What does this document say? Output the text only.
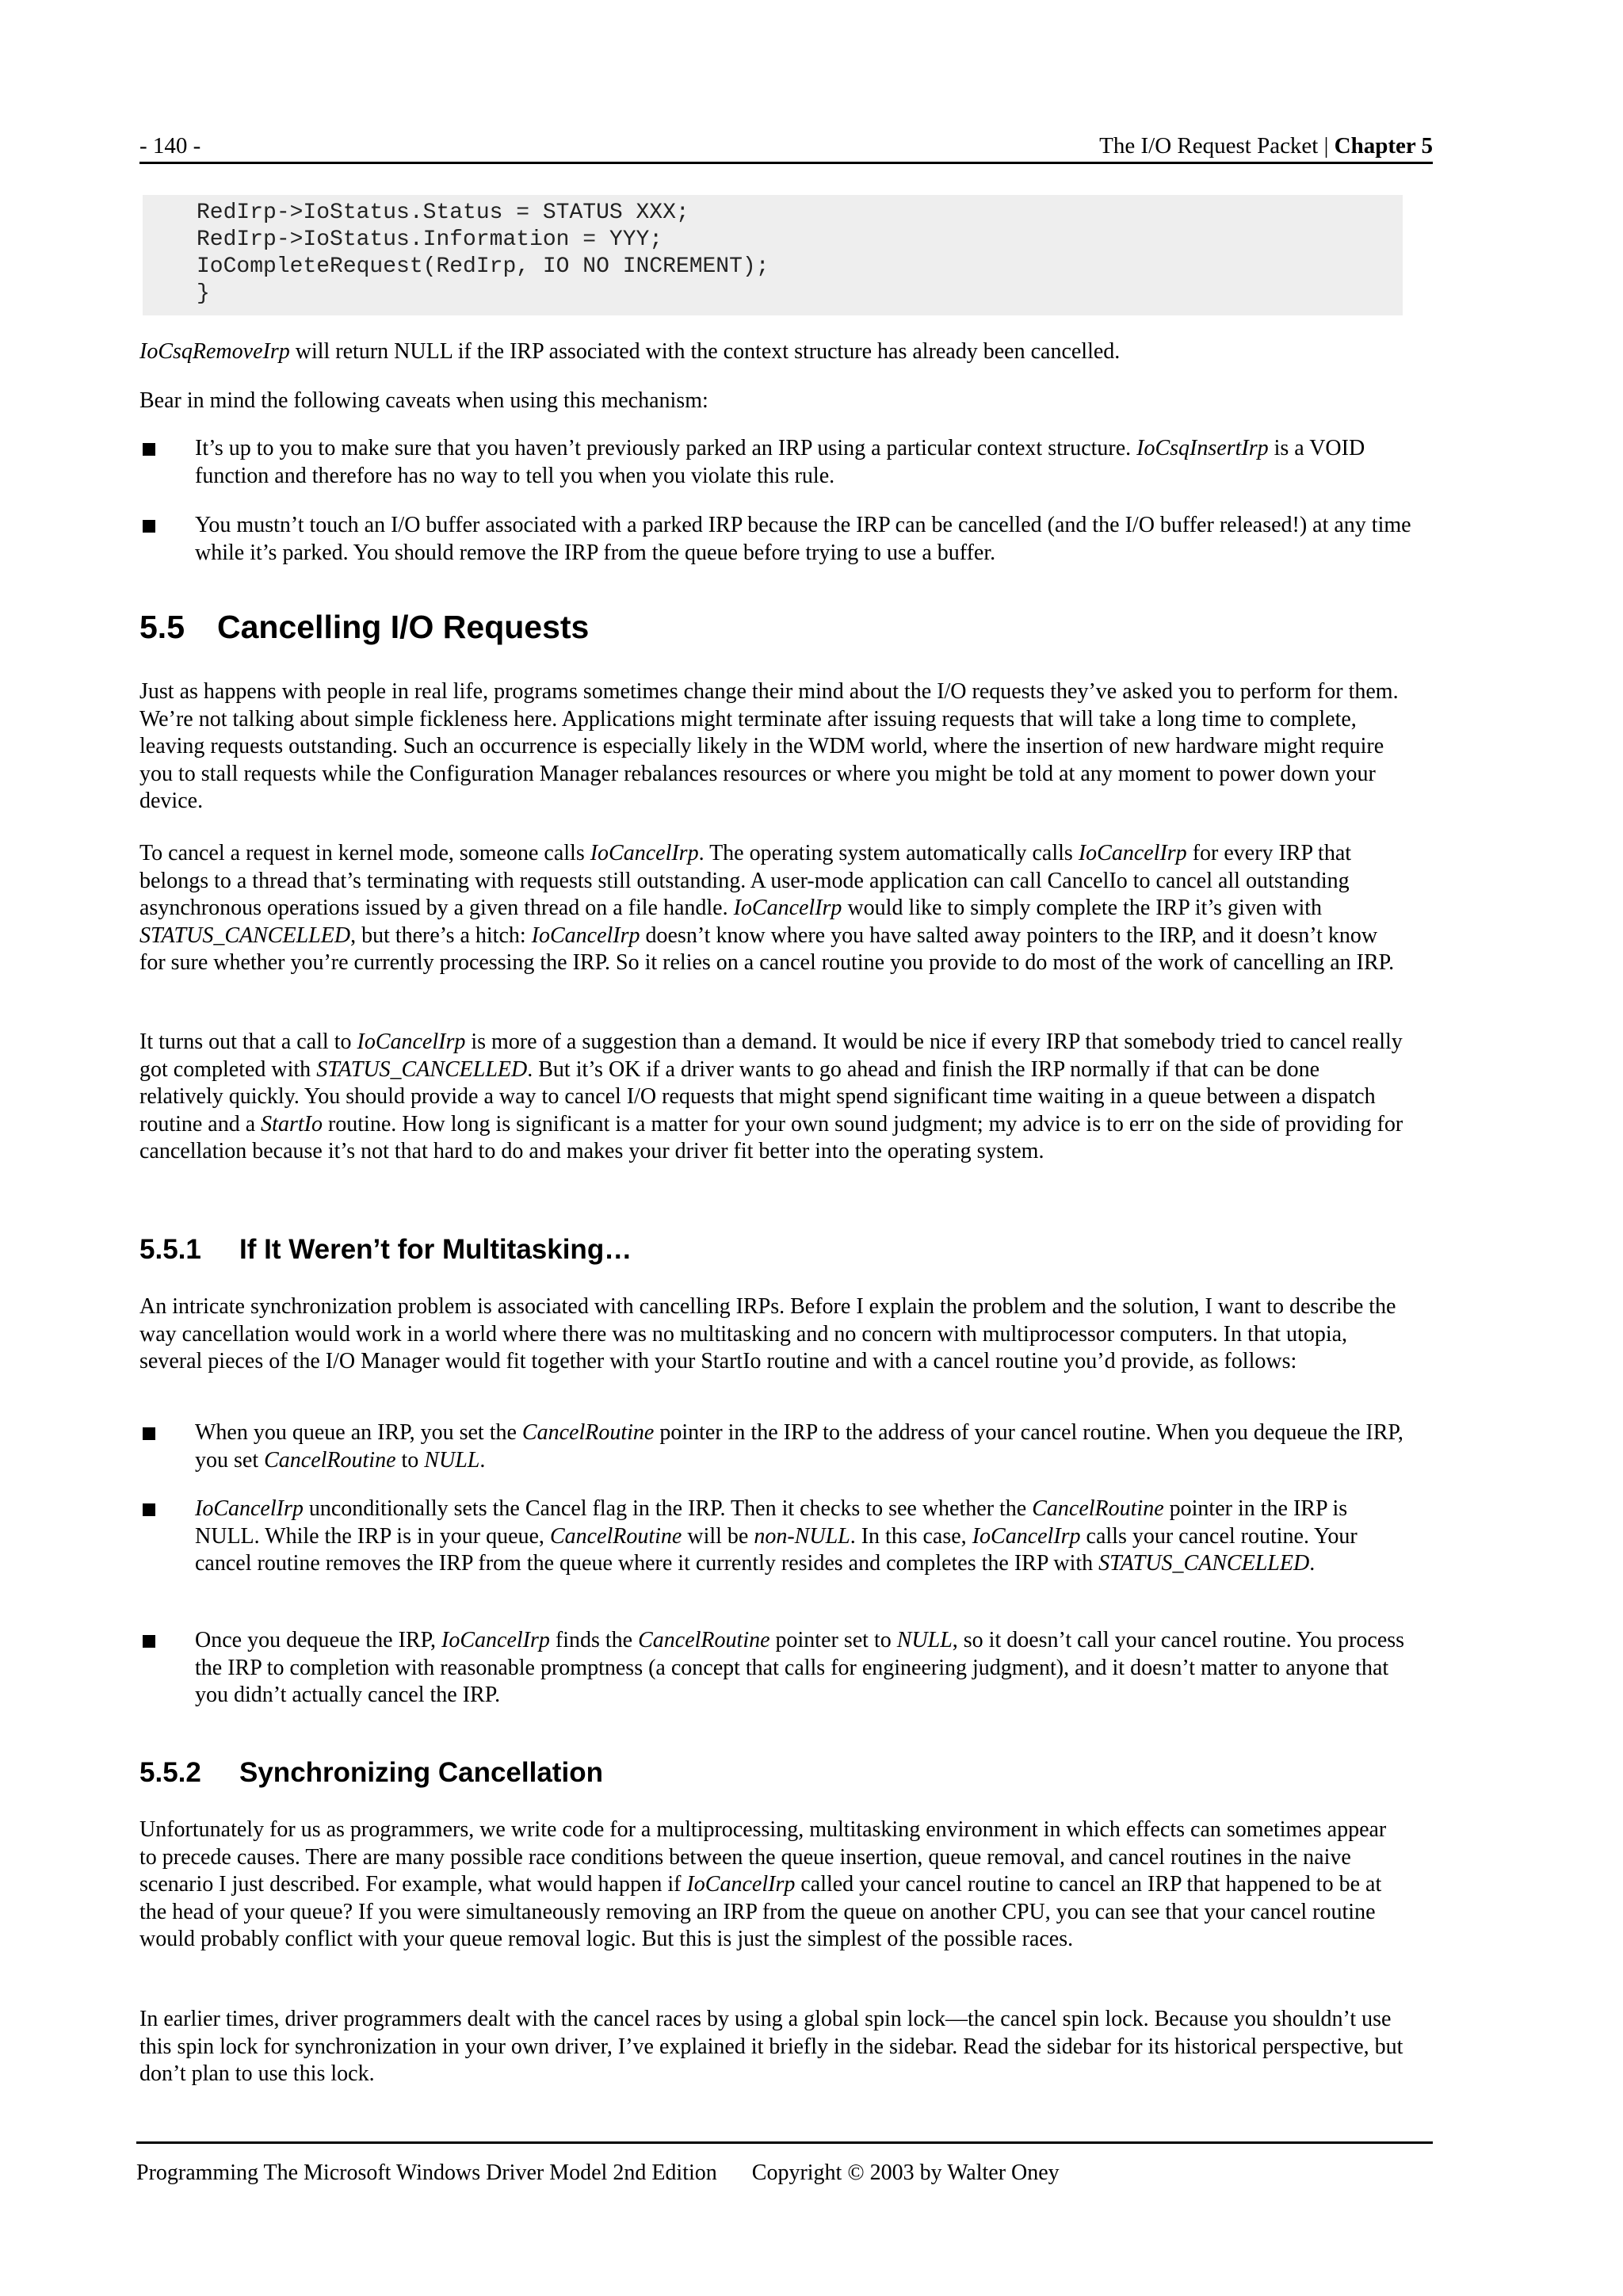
- 140 -	The I/O Request Packet | Chapter 5
RedIrp->IoStatus.Status = STATUS XXX;
RedIrp->IoStatus.Information = YYY;
IoCompleteRequest(RedIrp, IO NO INCREMENT);
}

IoCsqRemoveIrp will return NULL if the IRP associated with the context structure has already been cancelled.

Bear in mind the following caveats when using this mechanism:

It’s up to you to make sure that you haven’t previously parked an IRP using a particular context structure. IoCsqInsertIrp is a VOID function and therefore has no way to tell you when you violate this rule.

You mustn’t touch an I/O buffer associated with a parked IRP because the IRP can be cancelled (and the I/O buffer released!) at any time while it’s parked. You should remove the IRP from the queue before trying to use a buffer.

5.5 Cancelling I/O Requests

Just as happens with people in real life, programs sometimes change their mind about the I/O requests they’ve asked you to perform for them. We’re not talking about simple fickleness here. Applications might terminate after issuing requests that will take a long time to complete, leaving requests outstanding. Such an occurrence is especially likely in the WDM world, where the insertion of new hardware might require you to stall requests while the Configuration Manager rebalances resources or where you might be told at any moment to power down your device.

To cancel a request in kernel mode, someone calls IoCancelIrp. The operating system automatically calls IoCancelIrp for every IRP that belongs to a thread that’s terminating with requests still outstanding. A user-mode application can call CancelIo to cancel all outstanding asynchronous operations issued by a given thread on a file handle. IoCancelIrp would like to simply complete the IRP it’s given with STATUS_CANCELLED, but there’s a hitch: IoCancelIrp doesn’t know where you have salted away pointers to the IRP, and it doesn’t know for sure whether you’re currently processing the IRP. So it relies on a cancel routine you provide to do most of the work of cancelling an IRP.

It turns out that a call to IoCancelIrp is more of a suggestion than a demand. It would be nice if every IRP that somebody tried to cancel really got completed with STATUS_CANCELLED. But it’s OK if a driver wants to go ahead and finish the IRP normally if that can be done relatively quickly. You should provide a way to cancel I/O requests that might spend significant time waiting in a queue between a dispatch routine and a StartIo routine. How long is significant is a matter for your own sound judgment; my advice is to err on the side of providing for cancellation because it’s not that hard to do and makes your driver fit better into the operating system.

5.5.1 If It Weren’t for Multitasking…

An intricate synchronization problem is associated with cancelling IRPs. Before I explain the problem and the solution, I want to describe the way cancellation would work in a world where there was no multitasking and no concern with multiprocessor computers. In that utopia, several pieces of the I/O Manager would fit together with your StartIo routine and with a cancel routine you’d provide, as follows:

When you queue an IRP, you set the CancelRoutine pointer in the IRP to the address of your cancel routine. When you dequeue the IRP, you set CancelRoutine to NULL.

IoCancelIrp unconditionally sets the Cancel flag in the IRP. Then it checks to see whether the CancelRoutine pointer in the IRP is NULL. While the IRP is in your queue, CancelRoutine will be non-NULL. In this case, IoCancelIrp calls your cancel routine. Your cancel routine removes the IRP from the queue where it currently resides and completes the IRP with STATUS_CANCELLED.

Once you dequeue the IRP, IoCancelIrp finds the CancelRoutine pointer set to NULL, so it doesn’t call your cancel routine. You process the IRP to completion with reasonable promptness (a concept that calls for engineering judgment), and it doesn’t matter to anyone that you didn’t actually cancel the IRP.

5.5.2 Synchronizing Cancellation

Unfortunately for us as programmers, we write code for a multiprocessing, multitasking environment in which effects can sometimes appear to precede causes. There are many possible race conditions between the queue insertion, queue removal, and cancel routines in the naive scenario I just described. For example, what would happen if IoCancelIrp called your cancel routine to cancel an IRP that happened to be at the head of your queue? If you were simultaneously removing an IRP from the queue on another CPU, you can see that your cancel routine would probably conflict with your queue removal logic. But this is just the simplest of the possible races.

In earlier times, driver programmers dealt with the cancel races by using a global spin lock—the cancel spin lock. Because you shouldn’t use this spin lock for synchronization in your own driver, I’ve explained it briefly in the sidebar. Read the sidebar for its historical perspective, but don’t plan to use this lock.

Programming The Microsoft Windows Driver Model 2nd Edition Copyright © 2003 by Walter Oney
